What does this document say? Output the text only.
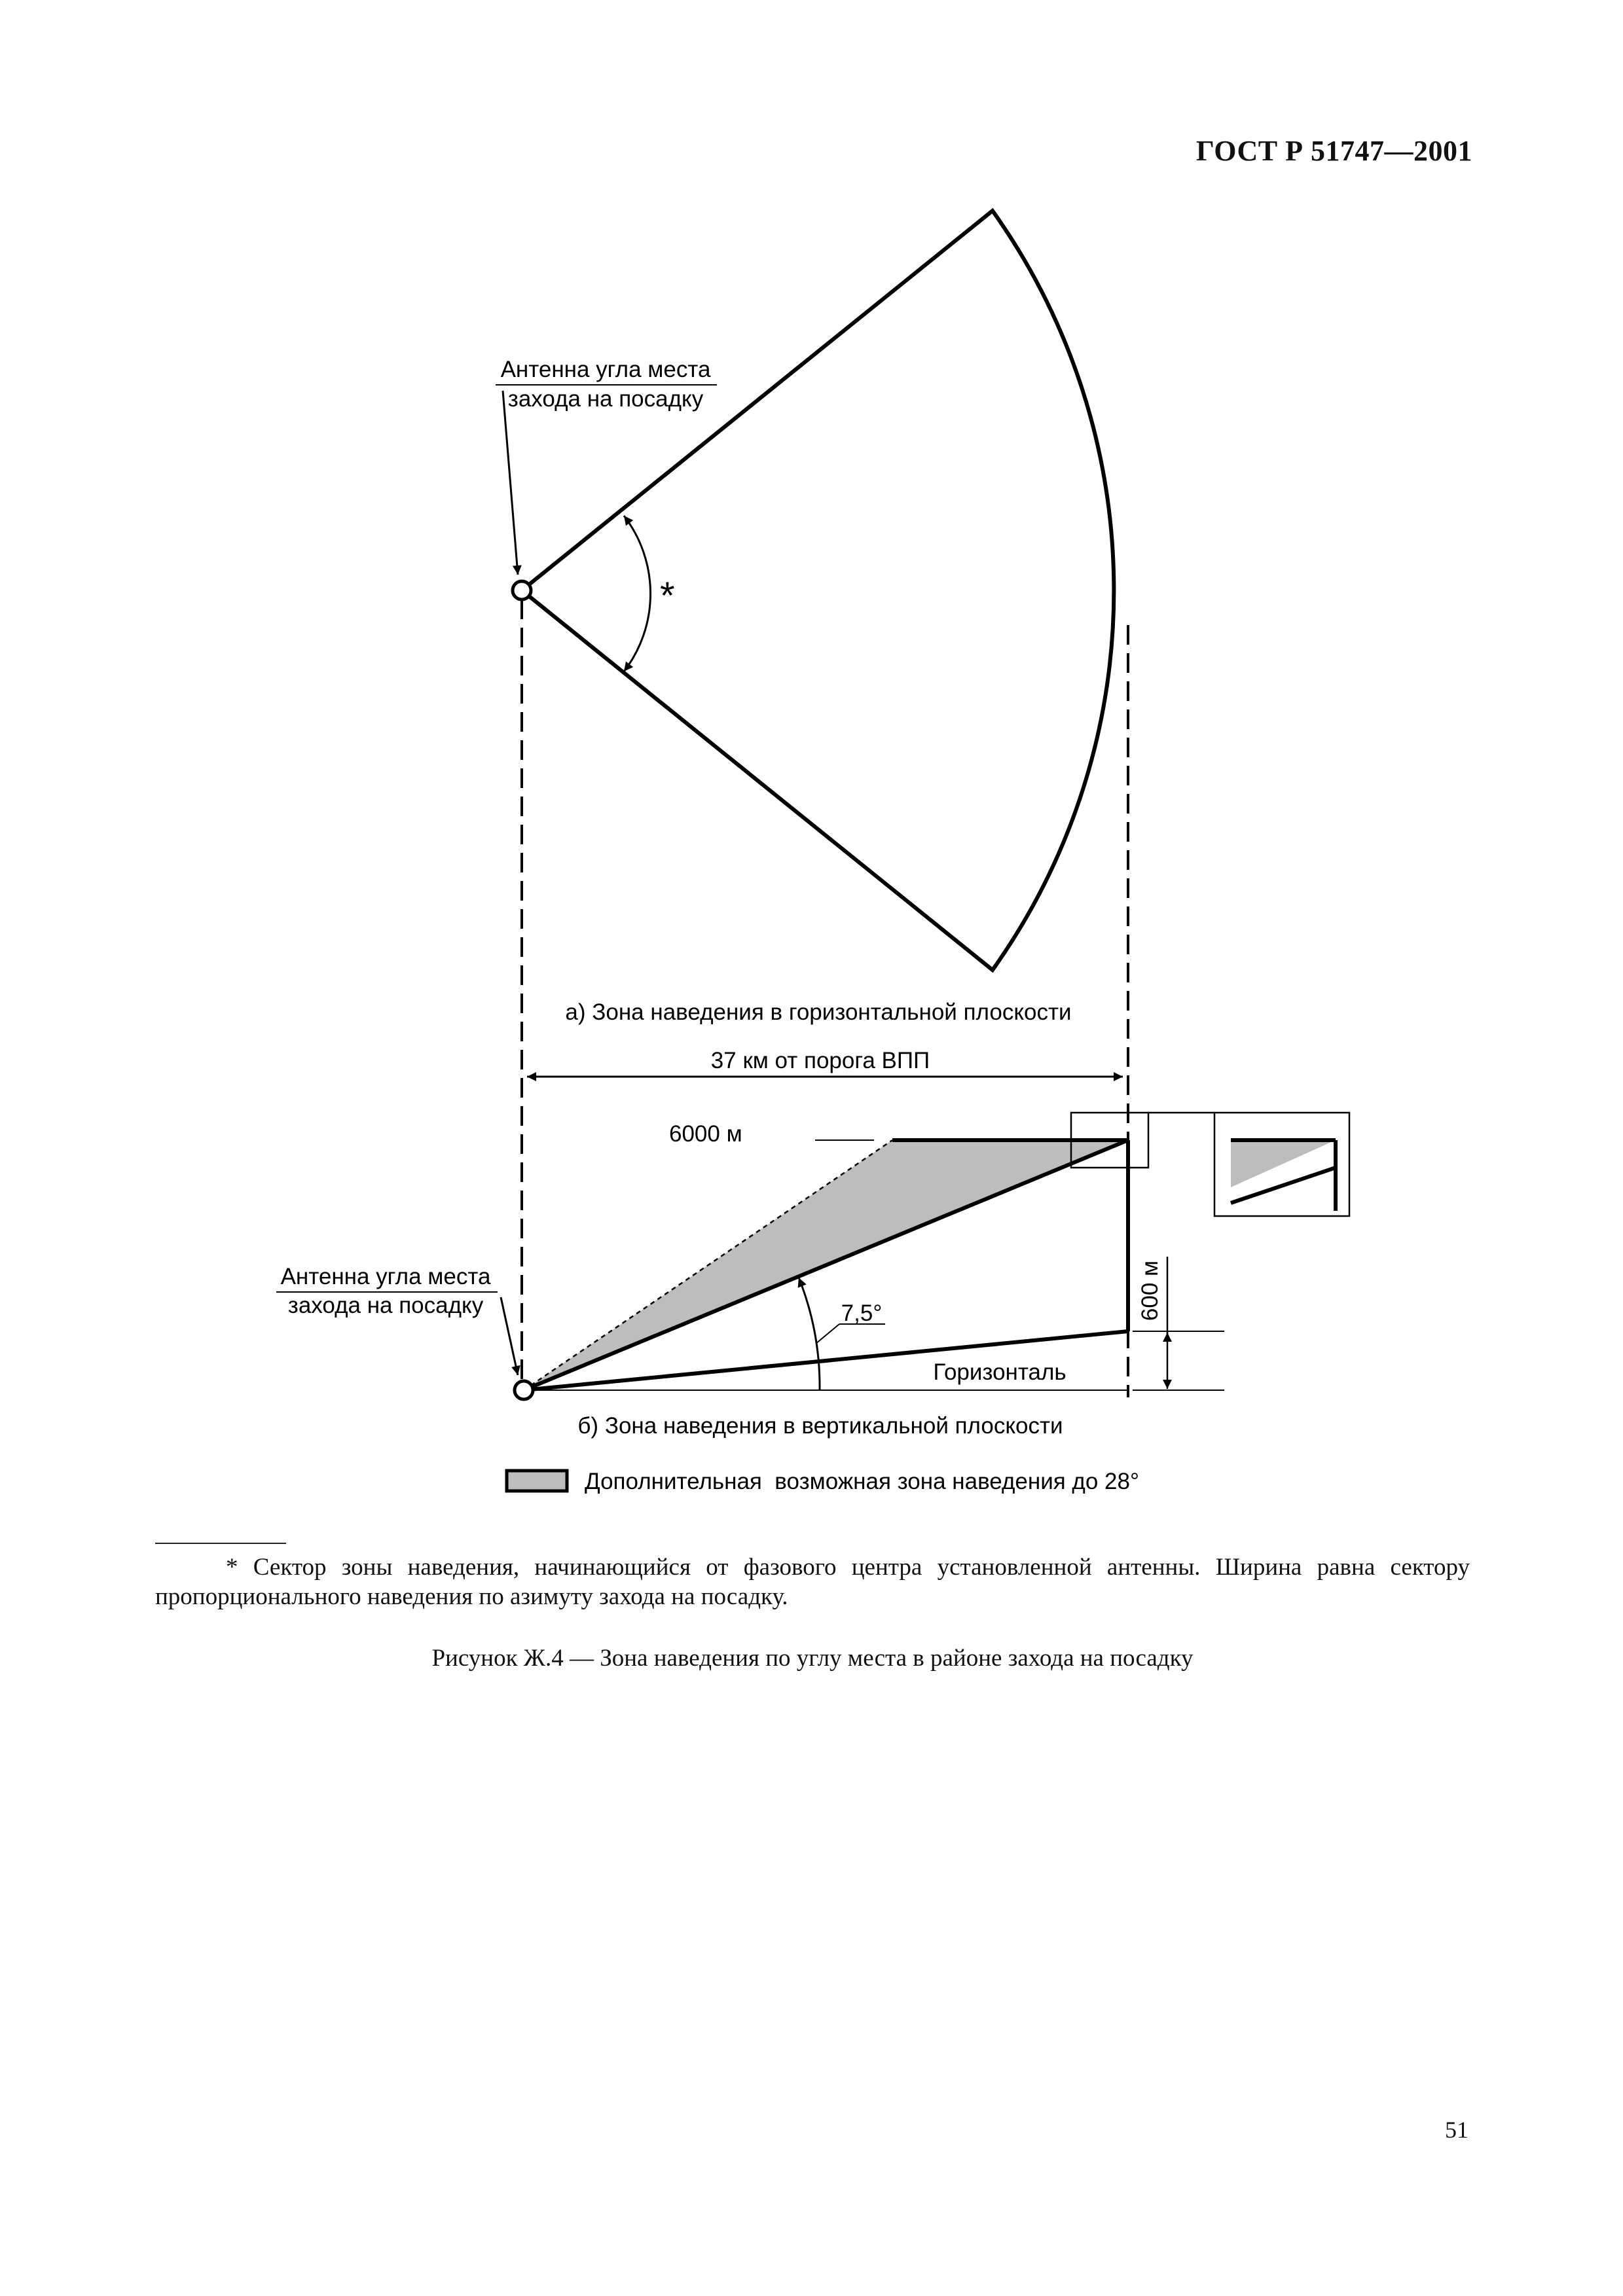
ГОСТ Р 51747—2001
*
Антенна угла места
захода на посадку
а) Зона наведения в горизонтальной плоскости
37 км от порога ВПП
6000 м
Горизонталь
7,5°	600 м
Антенна угла места
захода на посадку
б) Зона наведения в вертикальной плоскости
Дополнительная  возможная зона наведения до 28°
* Сектор зоны наведения, начинающийся от фазового центра установленной антенны. Ширина равна сектору пропорционального наведения по азимуту захода на посадку.
Рисунок Ж.4 — Зона наведения по углу места в районе захода на посадку
51
